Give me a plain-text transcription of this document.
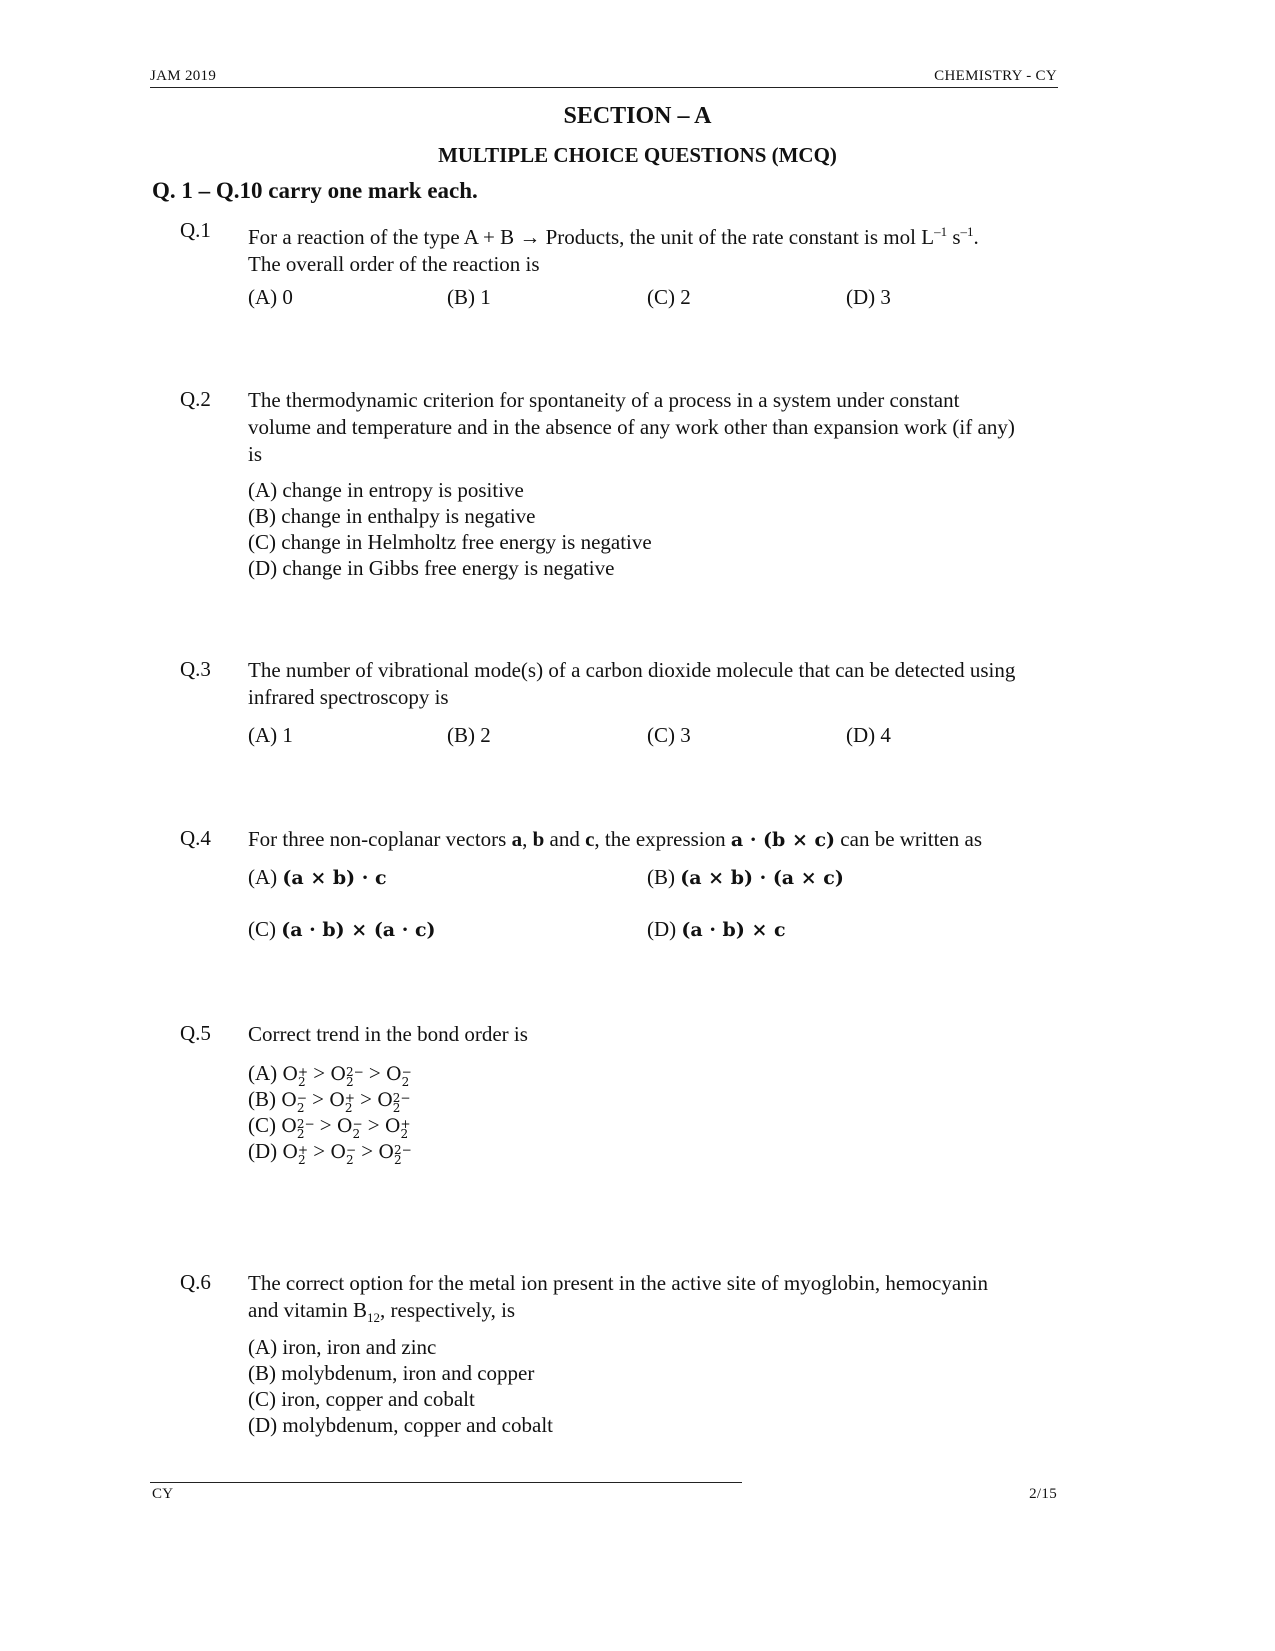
JAM 2019	CHEMISTRY - CY
SECTION – A
MULTIPLE CHOICE QUESTIONS (MCQ)
Q. 1 – Q.10 carry one mark each.
Q.1 For a reaction of the type A + B → Products, the unit of the rate constant is mol $L^{-1}$ $s^{-1}$.
The overall order of the reaction is
(A) 0	(B) 1	(C) 2	(D) 3
Q.2 The thermodynamic criterion for spontaneity of a process in a system under constant
volume and temperature and in the absence of any work other than expansion work (if any)
is
(A) change in entropy is positive
(B) change in enthalpy is negative
(C) change in Helmholtz free energy is negative
(D) change in Gibbs free energy is negative
Q.3 The number of vibrational mode(s) of a carbon dioxide molecule that can be detected using
infrared spectroscopy is
(A) 1	(B) 2	(C) 3	(D) 4
Q.4 For three non-coplanar vectors a, b and c, the expression a · (b × c) can be written as
(A) (a × b) · c	(B) (a × b) · (a × c)
(C) (a · b) × (a · c)	(D) (a · b) × c
Q.5 Correct trend in the bond order is
(A) O +
2 > O 2−
2 > O −
2
(B) O −
2 > O +
2 > O 2−
2
(C) O 2−
2 > O −
2 > O +
2
(D) O +
2 > O −
2 > O 2−
2
Q.6 The correct option for the metal ion present in the active site of myoglobin, hemocyanin
and vitamin $B_{12}$, respectively, is
(A) iron, iron and zinc
(B) molybdenum, iron and copper
(C) iron, copper and cobalt
(D) molybdenum, copper and cobalt
CY	2/15
